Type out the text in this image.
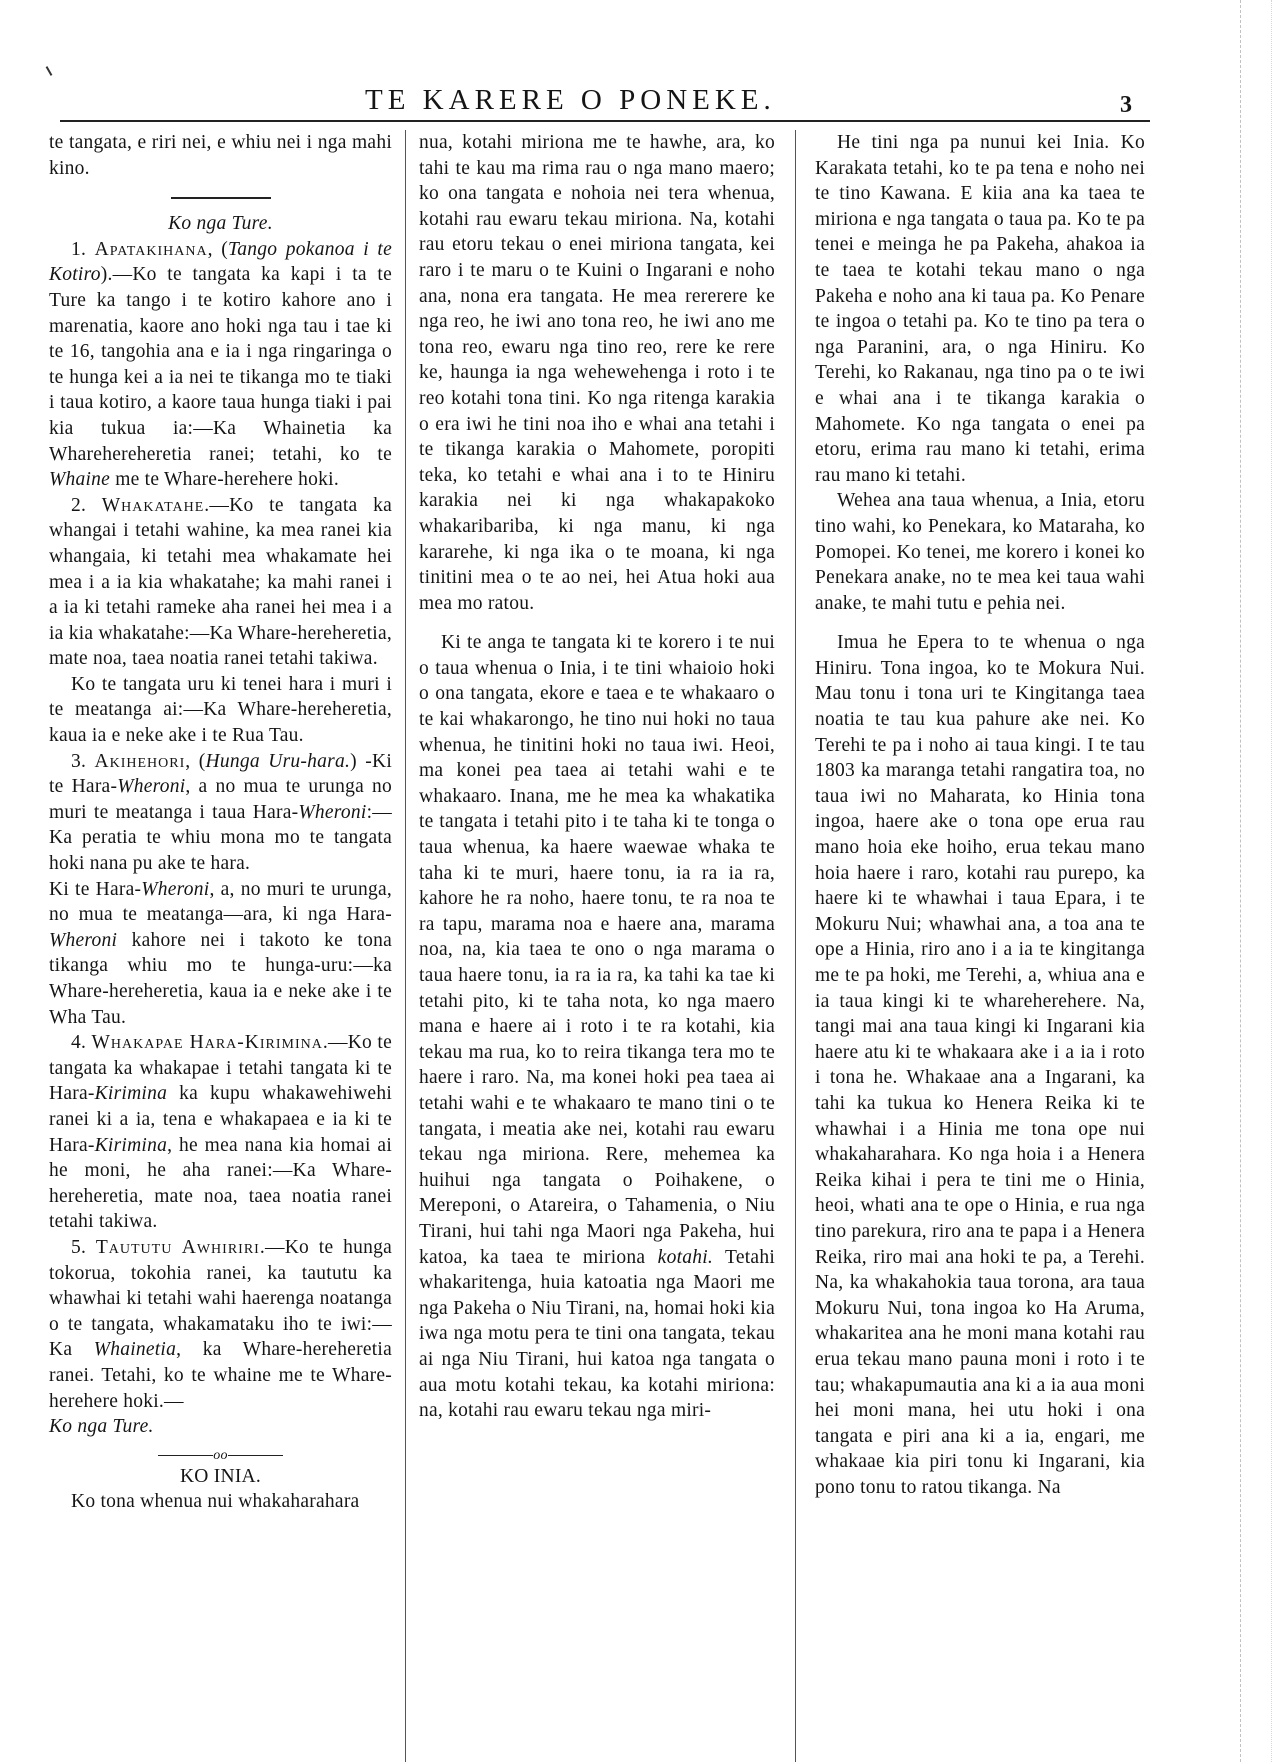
TE KARERE O PONEKE.	3

te tangata, e riri nei, e whiu nei i nga mahi kino.

Ko nga Ture.

1. Apatakihana, (Tango pokanoa i te Kotiro).—Ko te tangata ka kapi i ta te Ture ka tango i te kotiro kahore ano i marenatia, kaore ano hoki nga tau i tae ki te 16, tangohia ana e ia i nga ringaringa o te hunga kei a ia nei te tikanga mo te tiaki i taua kotiro, a kaore taua hunga tiaki i pai kia tukua ia:—Ka Whainetia ka Wharehereheretia ranei; tetahi, ko te Whaine me te Whare-herehere hoki.

2. Whakatahe.—Ko te tangata ka whangai i tetahi wahine, ka mea ranei kia whangaia, ki tetahi mea whakamate hei mea i a ia kia whakatahe; ka mahi ranei i a ia ki tetahi rameke aha ranei hei mea i a ia kia whakatahe:—Ka Whare-hereheretia, mate noa, taea noatia ranei tetahi takiwa.

Ko te tangata uru ki tenei hara i muri i te meatanga ai:—Ka Whare-hereheretia, kaua ia e neke ake i te Rua Tau.

3. Akihehori, (Hunga Uru-hara.) -Ki te Hara-Wheroni, a no mua te urunga no muri te meatanga i taua Hara-Wheroni:—Ka peratia te whiu mona mo te tangata hoki nana pu ake te hara.

Ki te Hara-Wheroni, a, no muri te urunga, no mua te meatanga—ara, ki nga Hara-Wheroni kahore nei i takoto ke tona tikanga whiu mo te hunga-uru:—ka Whare-hereheretia, kaua ia e neke ake i te Wha Tau.

4. Whakapae Hara-Kirimina.—Ko te tangata ka whakapae i tetahi tangata ki te Hara-Kirimina ka kupu whakawehiwehi ranei ki a ia, tena e whakapaea e ia ki te Hara-Kirimina, he mea nana kia homai ai he moni, he aha ranei:—Ka Whare-hereheretia, mate noa, taea noatia ranei tetahi takiwa.

5. Taututu Awhiriri.—Ko te hunga tokorua, tokohia ranei, ka taututu ka whawhai ki tetahi wahi haerenga noatanga o te tangata, whakamataku iho te iwi:—Ka Whainetia, ka Whare-hereheretia ranei. Tetahi, ko te whaine me te Whare-herehere hoki.—

Ko nga Ture.

oo

KO INIA.

Ko tona whenua nui whakaharahara

nua, kotahi miriona me te hawhe, ara, ko tahi te kau ma rima rau o nga mano maero; ko ona tangata e nohoia nei tera whenua, kotahi rau ewaru tekau miriona. Na, kotahi rau etoru tekau o enei miriona tangata, kei raro i te maru o te Kuini o Ingarani e noho ana, nona era tangata. He mea rererere ke nga reo, he iwi ano tona reo, he iwi ano me tona reo, ewaru nga tino reo, rere ke rere ke, haunga ia nga wehewehenga i roto i te reo kotahi tona tini. Ko nga ritenga karakia o era iwi he tini noa iho e whai ana tetahi i te tikanga karakia o Mahomete, poropiti teka, ko tetahi e whai ana i to te Hiniru karakia nei ki nga whakapakoko whakaribariba, ki nga manu, ki nga kararehe, ki nga ika o te moana, ki nga tinitini mea o te ao nei, hei Atua hoki aua mea mo ratou.

Ki te anga te tangata ki te korero i te nui o taua whenua o Inia, i te tini whaioio hoki o ona tangata, ekore e taea e te whakaaro o te kai whakarongo, he tino nui hoki no taua whenua, he tinitini hoki no taua iwi. Heoi, ma konei pea taea ai tetahi wahi e te whakaaro. Inana, me he mea ka whakatika te tangata i tetahi pito i te taha ki te tonga o taua whenua, ka haere waewae whaka te taha ki te muri, haere tonu, ia ra ia ra, kahore he ra noho, haere tonu, te ra noa te ra tapu, marama noa e haere ana, marama noa, na, kia taea te ono o nga marama o taua haere tonu, ia ra ia ra, ka tahi ka tae ki tetahi pito, ki te taha nota, ko nga maero mana e haere ai i roto i te ra kotahi, kia tekau ma rua, ko to reira tikanga tera mo te haere i raro. Na, ma konei hoki pea taea ai tetahi wahi e te whakaaro te mano tini o te tangata, i meatia ake nei, kotahi rau ewaru tekau nga miriona. Rere, mehemea ka huihui nga tangata o Poihakene, o Mereponi, o Atareira, o Tahamenia, o Niu Tirani, hui tahi nga Maori nga Pakeha, hui katoa, ka taea te miriona kotahi. Tetahi whakaritenga, huia katoatia nga Maori me nga Pakeha o Niu Tirani, na, homai hoki kia iwa nga motu pera te tini ona tangata, tekau ai nga Niu Tirani, hui katoa nga tangata o aua motu kotahi tekau, ka kotahi miriona: na, kotahi rau ewaru tekau nga miri-

He tini nga pa nunui kei Inia. Ko Karakata tetahi, ko te pa tena e noho nei te tino Kawana. E kiia ana ka taea te miriona e nga tangata o taua pa. Ko te pa tenei e meinga he pa Pakeha, ahakoa ia te taea te kotahi tekau mano o nga Pakeha e noho ana ki taua pa. Ko Penare te ingoa o tetahi pa. Ko te tino pa tera o nga Paranini, ara, o nga Hiniru. Ko Terehi, ko Rakanau, nga tino pa o te iwi e whai ana i te tikanga karakia o Mahomete. Ko nga tangata o enei pa etoru, erima rau mano ki tetahi, erima rau mano ki tetahi.

Wehea ana taua whenua, a Inia, etoru tino wahi, ko Penekara, ko Mataraha, ko Pomopei. Ko tenei, me korero i konei ko Penekara anake, no te mea kei taua wahi anake, te mahi tutu e pehia nei.

Imua he Epera to te whenua o nga Hiniru. Tona ingoa, ko te Mokura Nui. Mau tonu i tona uri te Kingitanga taea noatia te tau kua pahure ake nei. Ko Terehi te pa i noho ai taua kingi. I te tau 1803 ka maranga tetahi rangatira toa, no taua iwi no Maharata, ko Hinia tona ingoa, haere ake o tona ope erua rau mano hoia eke hoiho, erua tekau mano hoia haere i raro, kotahi rau purepo, ka haere ki te whawhai i taua Epara, i te Mokuru Nui; whawhai ana, a toa ana te ope a Hinia, riro ano i a ia te kingitanga me te pa hoki, me Terehi, a, whiua ana e ia taua kingi ki te whareherehere. Na, tangi mai ana taua kingi ki Ingarani kia haere atu ki te whakaara ake i a ia i roto i tona he. Whakaae ana a Ingarani, ka tahi ka tukua ko Henera Reika ki te whawhai i a Hinia me tona ope nui whakaharahara. Ko nga hoia i a Henera Reika kihai i pera te tini me o Hinia, heoi, whati ana te ope o Hinia, e rua nga tino parekura, riro ana te papa i a Henera Reika, riro mai ana hoki te pa, a Terehi. Na, ka whakahokia taua torona, ara taua Mokuru Nui, tona ingoa ko Ha Aruma, whakaritea ana he moni mana kotahi rau erua tekau mano pauna moni i roto i te tau; whakapumautia ana ki a ia aua moni hei moni mana, hei utu hoki i ona tangata e piri ana ki a ia, engari, me whakaae kia piri tonu ki Ingarani, kia pono tonu to ratou tikanga. Na
